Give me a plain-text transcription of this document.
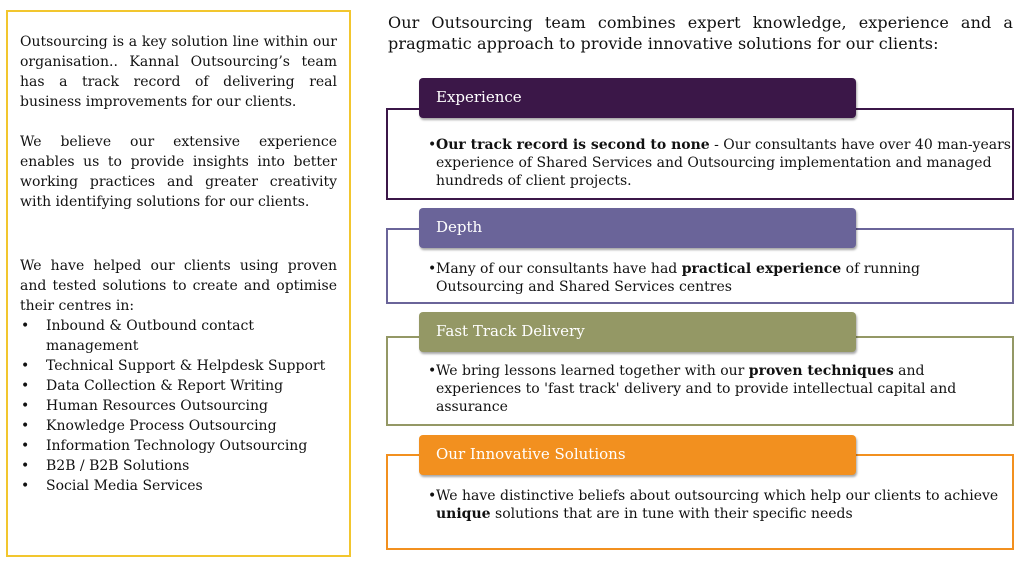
Outsourcing is a key solution line within our organisation.. Kannal Outsourcing’s team has a track record of delivering real business improvements for our clients.

We believe our extensive experience enables us to provide insights into better working practices and greater creativity with identifying solutions for our clients.

We have helped our clients using proven and tested solutions to create and optimise their centres in:

• Inbound & Outbound contact management
• Technical Support & Helpdesk Support
• Data Collection & Report Writing
• Human Resources Outsourcing
• Knowledge Process Outsourcing
• Information Technology Outsourcing
• B2B / B2B Solutions
• Social Media Services
Our Outsourcing team combines expert knowledge, experience and a pragmatic approach to provide innovative solutions for our clients:
• Our track record is second to none - Our consultants have over 40 man-years experience of Shared Services and Outsourcing implementation and managed hundreds of client projects.
Experience
• Many of our consultants have had practical experience of running Outsourcing and Shared Services centres
Depth
• We bring lessons learned together with our proven techniques and experiences to 'fast track' delivery and to provide intellectual capital and assurance
Fast Track Delivery
• We have distinctive beliefs about outsourcing which help our clients to achieve unique solutions that are in tune with their specific needs
Our Innovative Solutions
